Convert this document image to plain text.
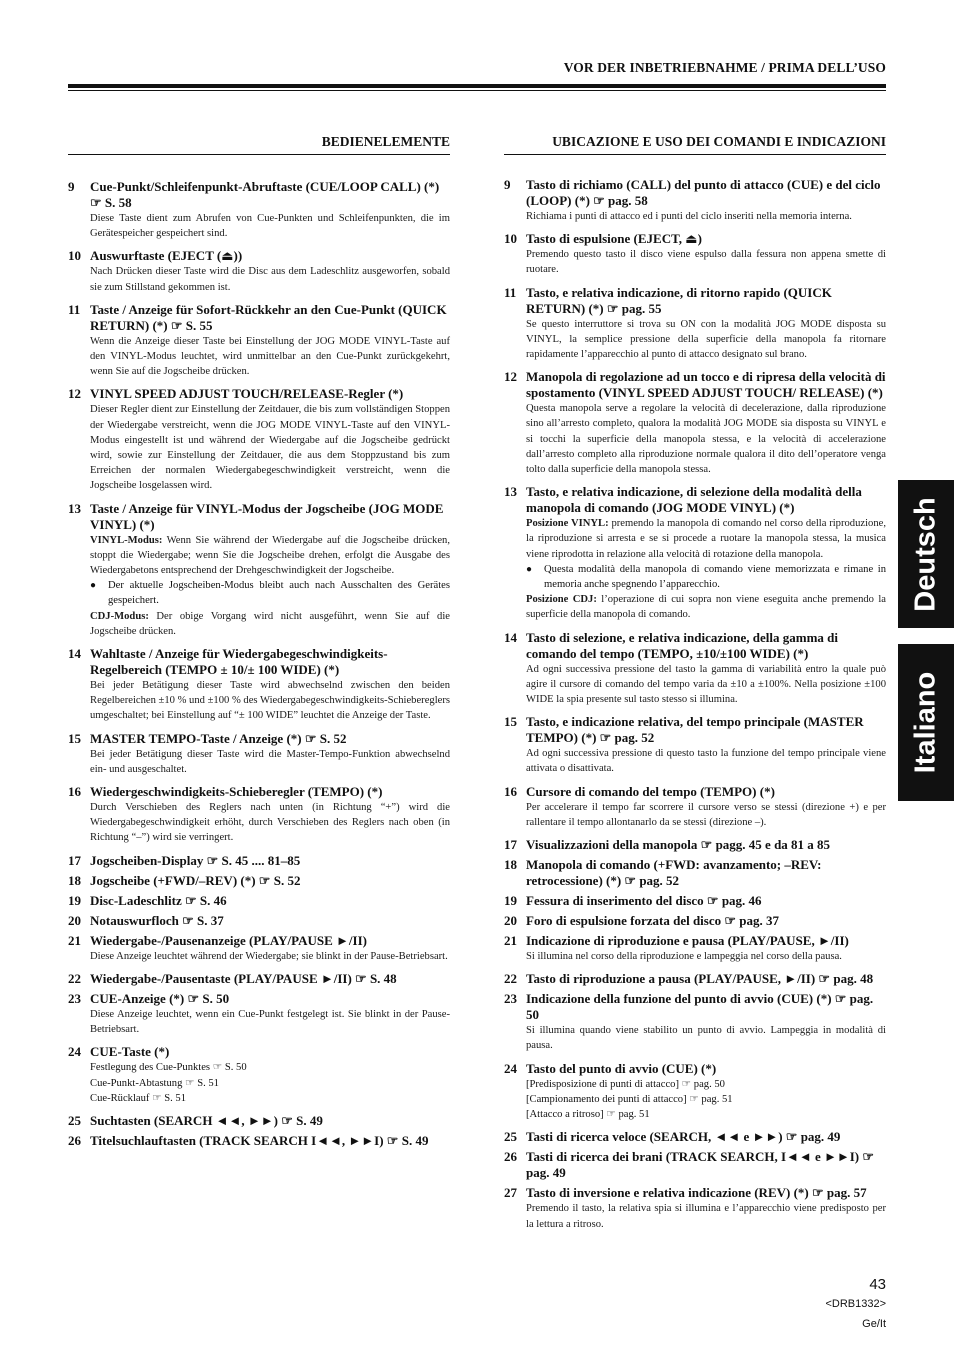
VOR DER INBETRIEBNAHME / PRIMA DELL’USO
BEDIENELEMENTE
9	Cue-Punkt/Schleifenpunkt-Abruftaste (CUE/LOOP CALL) (*) ☞ S. 58
Diese Taste dient zum Abrufen von Cue-Punkten und Schleifenpunkten, die im Gerätespeicher gespeichert sind.
10 Auswurftaste (EJECT (⏏))
Nach Drücken dieser Taste wird die Disc aus dem Ladeschlitz ausgeworfen, sobald sie zum Stillstand gekommen ist.
11 Taste / Anzeige für Sofort-Rückkehr an den Cue-Punkt (QUICK RETURN) (*) ☞ S. 55
Wenn die Anzeige dieser Taste bei Einstellung der JOG MODE VINYL-Taste auf den VINYL-Modus leuchtet, wird unmittelbar an den Cue-Punkt zurückgekehrt, wenn Sie auf die Jogscheibe drücken.
12 VINYL SPEED ADJUST TOUCH/RELEASE-Regler (*)
Dieser Regler dient zur Einstellung der Zeitdauer, die bis zum vollständigen Stoppen der Wiedergabe verstreicht, wenn die JOG MODE VINYL-Taste auf den VINYL-Modus eingestellt ist und während der Wiedergabe auf die Jogscheibe gedrückt wird, sowie zur Einstellung der Zeitdauer, die aus dem Stoppzustand bis zum Erreichen der normalen Wiedergabegeschwindigkeit verstreicht, wenn die Jogscheibe losgelassen wird.
13 Taste / Anzeige für VINYL-Modus der Jogscheibe (JOG MODE VINYL) (*)
VINYL-Modus: Wenn Sie während der Wiedergabe auf die Jogscheibe drücken, stoppt die Wiedergabe; wenn Sie die Jogscheibe drehen, erfolgt die Ausgabe des Wiedergabetons entsprechend der Drehgeschwindigkeit der Jogscheibe.
●	Der aktuelle Jogscheiben-Modus bleibt auch nach Ausschalten des Gerätes gespeichert.
CDJ-Modus: Der obige Vorgang wird nicht ausgeführt, wenn Sie auf die Jogscheibe drücken.
14 Wahltaste / Anzeige für Wiedergabegeschwindigkeits-Regelbereich (TEMPO ± 10/± 100 WIDE) (*)
Bei jeder Betätigung dieser Taste wird abwechselnd zwischen den beiden Regelbereichen ±10 % und ±100 % des Wiedergabegeschwindigkeits-Schiebereglers umgeschaltet; bei Einstellung auf “± 100 WIDE” leuchtet die Anzeige der Taste.
15 MASTER TEMPO-Taste / Anzeige (*) ☞ S. 52
Bei jeder Betätigung dieser Taste wird die Master-Tempo-Funktion abwechselnd ein- und ausgeschaltet.
16 Wiedergeschwindigkeits-Schieberegler (TEMPO) (*)
Durch Verschieben des Reglers nach unten (in Richtung “+”) wird die Wiedergabegeschwindigkeit erhöht, durch Verschieben des Reglers nach oben (in Richtung “–”) wird sie verringert.
17 Jogscheiben-Display ☞ S. 45 .... 81–85
18 Jogscheibe (+FWD/–REV) (*) ☞ S. 52
19 Disc-Ladeschlitz ☞ S. 46
20 Notauswurfloch ☞ S. 37
21 Wiedergabe-/Pausenanzeige (PLAY/PAUSE ►/II)
Diese Anzeige leuchtet während der Wiedergabe; sie blinkt in der Pause-Betriebsart.
22 Wiedergabe-/Pausentaste (PLAY/PAUSE ►/II) ☞ S. 48
23 CUE-Anzeige (*) ☞ S. 50
Diese Anzeige leuchtet, wenn ein Cue-Punkt festgelegt ist. Sie blinkt in der Pause-Betriebsart.
24 CUE-Taste (*)
Festlegung des Cue-Punktes ☞ S. 50
Cue-Punkt-Abtastung ☞ S. 51
Cue-Rücklauf ☞ S. 51
25 Suchtasten (SEARCH ◄◄, ►►) ☞ S. 49
26 Titelsuchlauftasten (TRACK SEARCH I◄◄, ►►I) ☞ S. 49
UBICAZIONE E USO DEI COMANDI E INDICAZIONI
9	Tasto di richiamo (CALL) del punto di attacco (CUE) e del ciclo (LOOP) (*) ☞ pag. 58
Richiama i punti di attacco ed i punti del ciclo inseriti nella memoria interna.
10 Tasto di espulsione (EJECT, ⏏)
Premendo questo tasto il disco viene espulso dalla fessura non appena smette di ruotare.
11 Tasto, e relativa indicazione, di ritorno rapido (QUICK RETURN) (*) ☞ pag. 55
Se questo interruttore si trova su ON con la modalità JOG MODE disposta su VINYL, la semplice pressione della superficie della manopola fa ritornare rapidamente l’apparecchio al punto di attacco designato sul brano.
12 Manopola di regolazione ad un tocco e di ripresa della velocità di spostamento (VINYL SPEED ADJUST TOUCH/ RELEASE) (*)
Questa manopola serve a regolare la velocità di decelerazione, dalla riproduzione sino all’arresto completo, qualora la modalità JOG MODE sia disposta su VINYL e si tocchi la superficie della manopola stessa, e la velocità di accelerazione dall’arresto completo alla riproduzione normale qualora il dito dell’operatore venga tolto dalla superficie della manopola stessa.
13 Tasto, e relativa indicazione, di selezione della modalità della manopola di comando (JOG MODE VINYL) (*)
Posizione VINYL: premendo la manopola di comando nel corso della riproduzione, la riproduzione si arresta e se si procede a ruotare la manopola stessa, la musica viene riprodotta in relazione alla velocità di rotazione della manopola.
●	Questa modalità della manopola di comando viene memorizzata e rimane in memoria anche spegnendo l’apparecchio.
Posizione CDJ: l’operazione di cui sopra non viene eseguita anche premendo la superficie della manopola di comando.
14 Tasto di selezione, e relativa indicazione, della gamma di comando del tempo (TEMPO, ±10/±100 WIDE) (*)
Ad ogni successiva pressione del tasto la gamma di variabilità entro la quale può agire il cursore di comando del tempo varia da ±10 a ±100%. Nella posizione ±100 WIDE la spia presente sul tasto stesso si illumina.
15 Tasto, e indicazione relativa, del tempo principale (MASTER TEMPO) (*) ☞ pag. 52
Ad ogni successiva pressione di questo tasto la funzione del tempo principale viene attivata o disattivata.
16 Cursore di comando del tempo (TEMPO) (*)
Per accelerare il tempo far scorrere il cursore verso se stessi (direzione +) e per rallentare il tempo allontanarlo da se stessi (direzione –).
17 Visualizzazioni della manopola ☞ pagg. 45 e da 81 a 85
18 Manopola di comando (+FWD: avanzamento; –REV: retrocessione) (*) ☞ pag. 52
19 Fessura di inserimento del disco ☞ pag. 46
20 Foro di espulsione forzata del disco ☞ pag. 37
21 Indicazione di riproduzione e pausa (PLAY/PAUSE, ►/II)
Si illumina nel corso della riproduzione e lampeggia nel corso della pausa.
22 Tasto di riproduzione a pausa (PLAY/PAUSE, ►/II) ☞ pag. 48
23 Indicazione della funzione del punto di avvio (CUE) (*) ☞ pag. 50
Si illumina quando viene stabilito un punto di avvio. Lampeggia in modalità di pausa.
24 Tasto del punto di avvio (CUE) (*)
[Predisposizione di punti di attacco] ☞ pag. 50
[Campionamento dei punti di attacco] ☞ pag. 51
[Attacco a ritroso] ☞ pag. 51
25 Tasti di ricerca veloce (SEARCH, ◄◄ e ►►) ☞ pag. 49
26 Tasti di ricerca dei brani (TRACK SEARCH, I◄◄ e ►►I) ☞ pag. 49
27 Tasto di inversione e relativa indicazione (REV) (*) ☞ pag. 57
Premendo il tasto, la relativa spia si illumina e l’apparecchio viene predisposto per la lettura a ritroso.
Deutsch
Italiano
43
<DRB1332>
Ge/It
